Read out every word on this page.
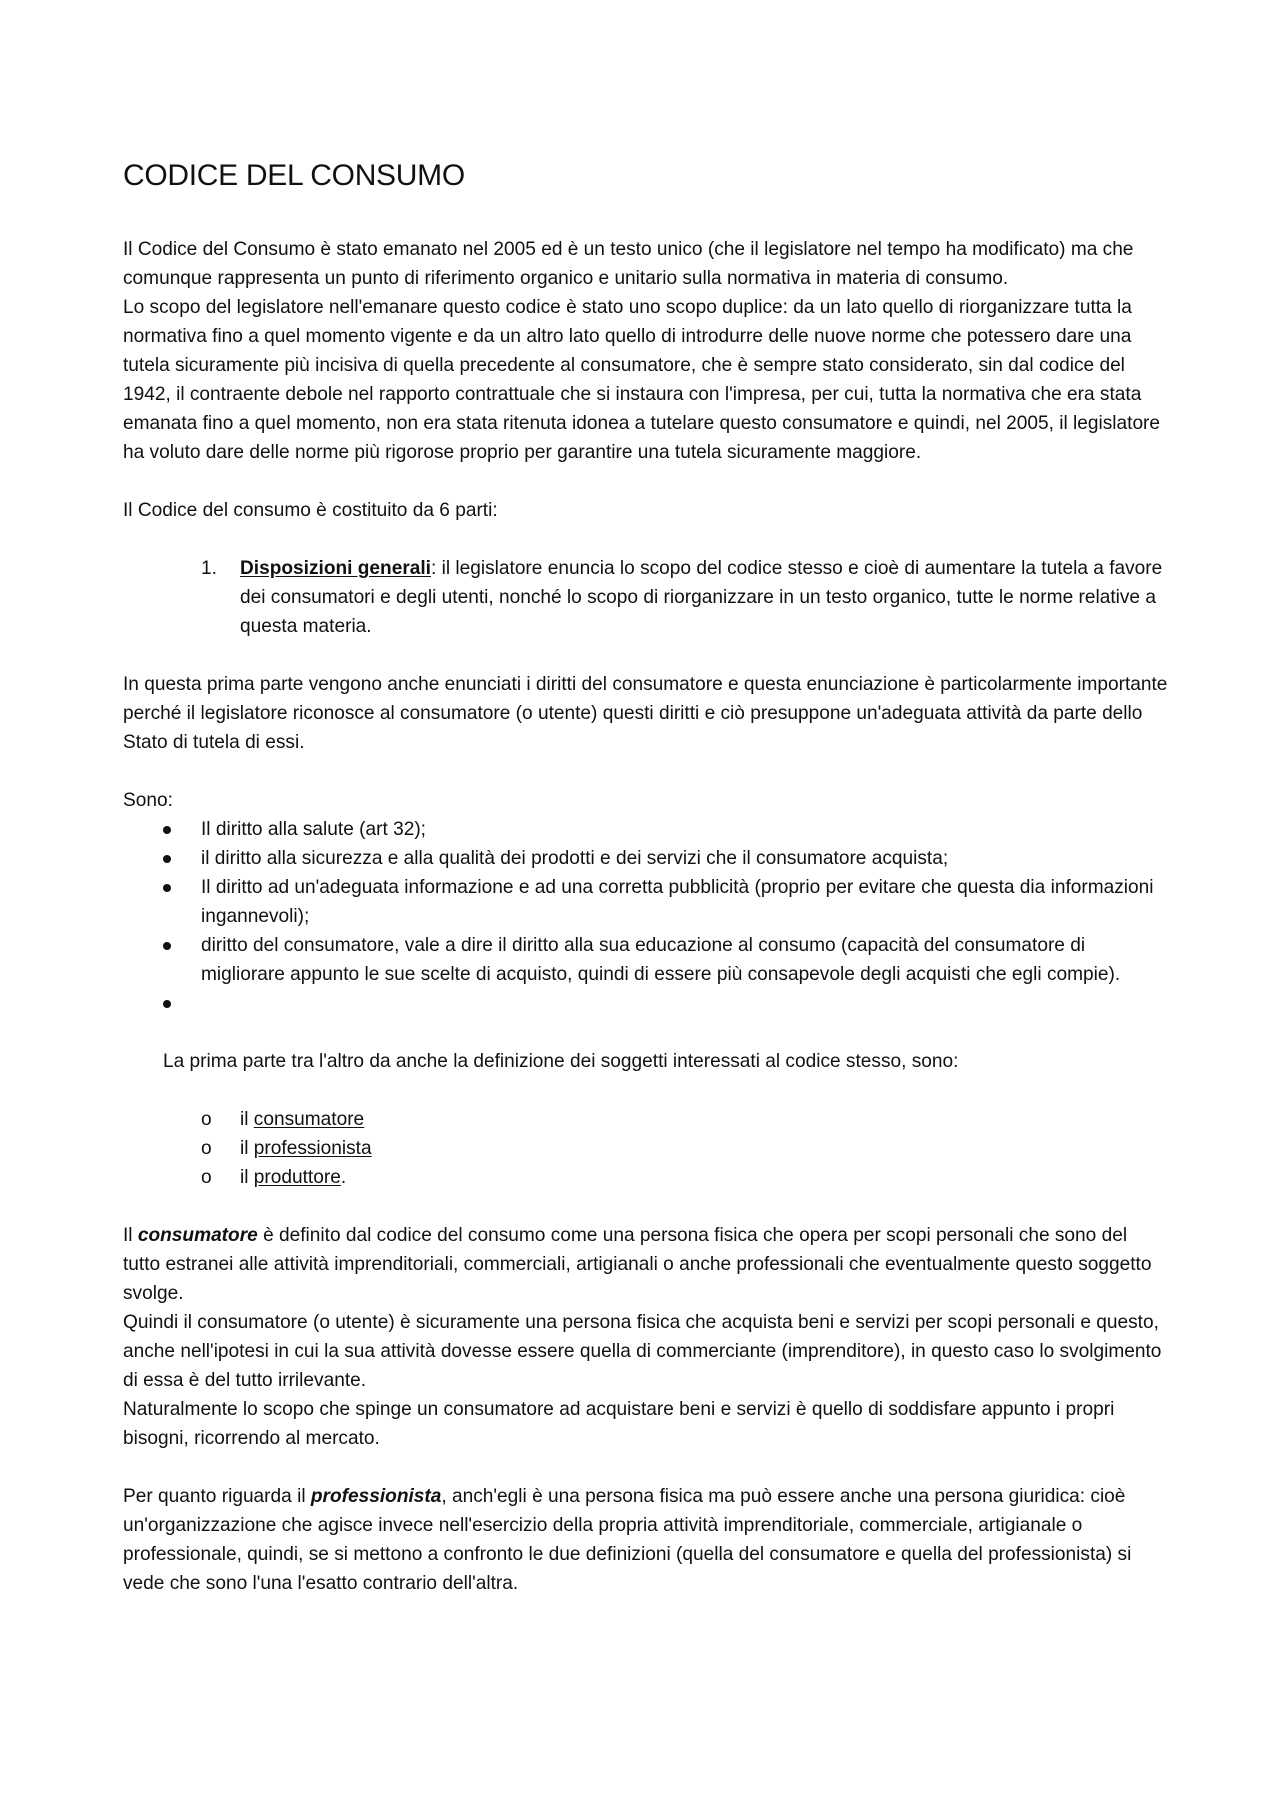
CODICE DEL CONSUMO

Il Codice del Consumo è stato emanato nel 2005 ed è un testo unico (che il legislatore nel tempo ha modificato) ma che comunque rappresenta un punto di riferimento organico e unitario sulla normativa in materia di consumo.

Lo scopo del legislatore nell'emanare questo codice è stato uno scopo duplice: da un lato quello di riorganizzare tutta la normativa fino a quel momento vigente e da un altro lato quello di introdurre delle nuove norme che potessero dare una tutela sicuramente più incisiva di quella precedente al consumatore, che è sempre stato considerato, sin dal codice del 1942, il contraente debole nel rapporto contrattuale che si instaura con l'impresa, per cui, tutta la normativa che era stata emanata fino a quel momento, non era stata ritenuta idonea a tutelare questo consumatore e quindi, nel 2005, il legislatore ha voluto dare delle norme più rigorose proprio per garantire una tutela sicuramente maggiore.

Il Codice del consumo è costituito da 6 parti:

1. Disposizioni generali: il legislatore enuncia lo scopo del codice stesso e cioè di aumentare la tutela a favore dei consumatori e degli utenti, nonché lo scopo di riorganizzare in un testo organico, tutte le norme relative a questa materia.

In questa prima parte vengono anche enunciati i diritti del consumatore e questa enunciazione è particolarmente importante perché il legislatore riconosce al consumatore (o utente) questi diritti e ciò presuppone un'adeguata attività da parte dello Stato di tutela di essi.

Sono:

Il diritto alla salute (art 32);
il diritto alla sicurezza e alla qualità dei prodotti e dei servizi che il consumatore acquista;
Il diritto ad un'adeguata informazione e ad una corretta pubblicità (proprio per evitare che questa dia informazioni ingannevoli);
diritto del consumatore, vale a dire il diritto alla sua educazione al consumo (capacità del consumatore di migliorare appunto le sue scelte di acquisto, quindi di essere più consapevole degli acquisti che egli compie).

La prima parte tra l'altro da anche la definizione dei soggetti interessati al codice stesso, sono:

o il consumatore
o il professionista
o il produttore.

Il consumatore è definito dal codice del consumo come una persona fisica che opera per scopi personali che sono del tutto estranei alle attività imprenditoriali, commerciali, artigianali o anche professionali che eventualmente questo soggetto svolge.

Quindi il consumatore (o utente) è sicuramente una persona fisica che acquista beni e servizi per scopi personali e questo, anche nell'ipotesi in cui la sua attività dovesse essere quella di commerciante (imprenditore), in questo caso lo svolgimento di essa è del tutto irrilevante.

Naturalmente lo scopo che spinge un consumatore ad acquistare beni e servizi è quello di soddisfare appunto i propri bisogni, ricorrendo al mercato.

Per quanto riguarda il professionista, anch'egli è una persona fisica ma può essere anche una persona giuridica: cioè un'organizzazione che agisce invece nell'esercizio della propria attività imprenditoriale, commerciale, artigianale o professionale, quindi, se si mettono a confronto le due definizioni (quella del consumatore e quella del professionista) si vede che sono l'una l'esatto contrario dell'altra.
